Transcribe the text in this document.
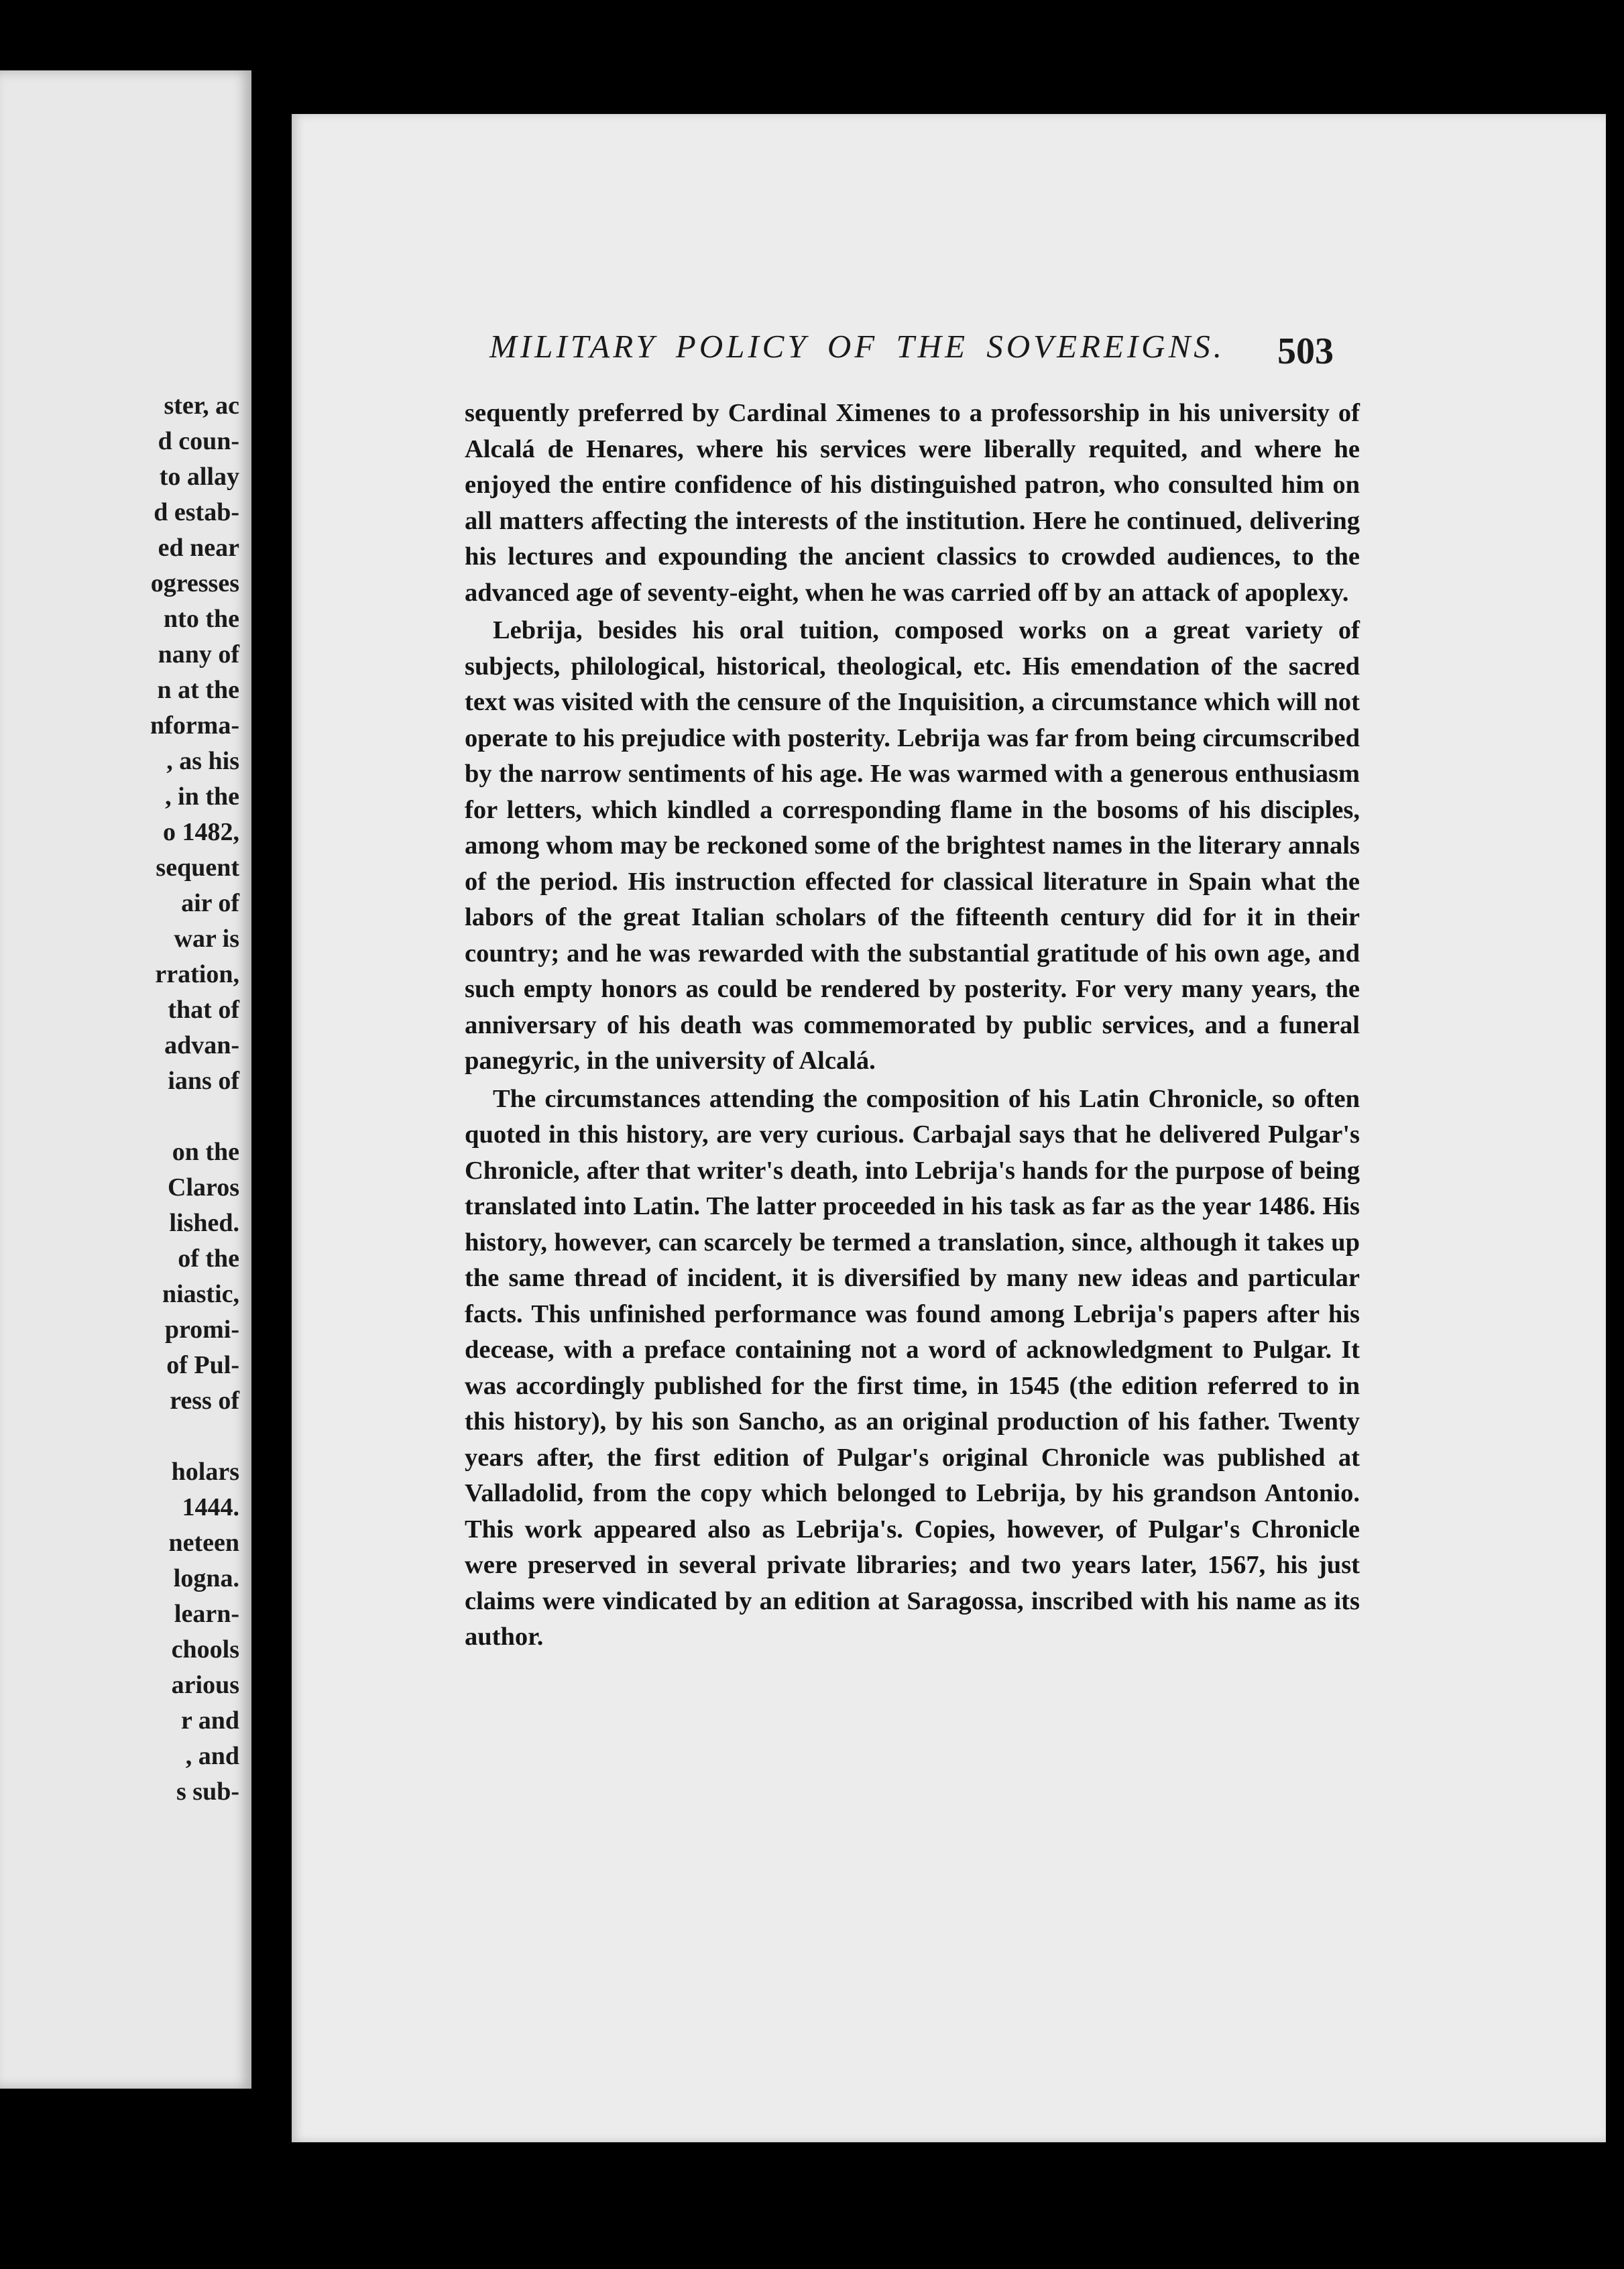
ster, ac
d coun-
to allay
d estab-
ed near
ogresses
nto the
nany of
n at the
nforma-
, as his
, in the
o 1482,
sequent
air of
war is
rration,
that of
advan-
ians of
on the
Claros
lished.
of the
niastic,
promi-
of Pul-
ress of
holars
1444.
neteen
logna.
learn-
chools
arious
r and
, and
s sub-
MILITARY POLICY OF THE SOVEREIGNS. 503

sequently preferred by Cardinal Ximenes to a professorship in his university of Alcalá de Henares, where his services were liberally requited, and where he enjoyed the entire confidence of his distinguished patron, who consulted him on all matters affecting the interests of the institution. Here he continued, delivering his lectures and expounding the ancient classics to crowded audiences, to the advanced age of seventy-eight, when he was carried off by an attack of apoplexy.

Lebrija, besides his oral tuition, composed works on a great variety of subjects, philological, historical, theological, etc. His emendation of the sacred text was visited with the censure of the Inquisition, a circumstance which will not operate to his prejudice with posterity. Lebrija was far from being circumscribed by the narrow sentiments of his age. He was warmed with a generous enthusiasm for letters, which kindled a corresponding flame in the bosoms of his disciples, among whom may be reckoned some of the brightest names in the literary annals of the period. His instruction effected for classical literature in Spain what the labors of the great Italian scholars of the fifteenth century did for it in their country; and he was rewarded with the substantial gratitude of his own age, and such empty honors as could be rendered by posterity. For very many years, the anniversary of his death was commemorated by public services, and a funeral panegyric, in the university of Alcalá.

The circumstances attending the composition of his Latin Chronicle, so often quoted in this history, are very curious. Carbajal says that he delivered Pulgar's Chronicle, after that writer's death, into Lebrija's hands for the purpose of being translated into Latin. The latter proceeded in his task as far as the year 1486. His history, however, can scarcely be termed a translation, since, although it takes up the same thread of incident, it is diversified by many new ideas and particular facts. This unfinished performance was found among Lebrija's papers after his decease, with a preface containing not a word of acknowledgment to Pulgar. It was accordingly published for the first time, in 1545 (the edition referred to in this history), by his son Sancho, as an original production of his father. Twenty years after, the first edition of Pulgar's original Chronicle was published at Valladolid, from the copy which belonged to Lebrija, by his grandson Antonio. This work appeared also as Lebrija's. Copies, however, of Pulgar's Chronicle were preserved in several private libraries; and two years later, 1567, his just claims were vindicated by an edition at Saragossa, inscribed with his name as its author.
